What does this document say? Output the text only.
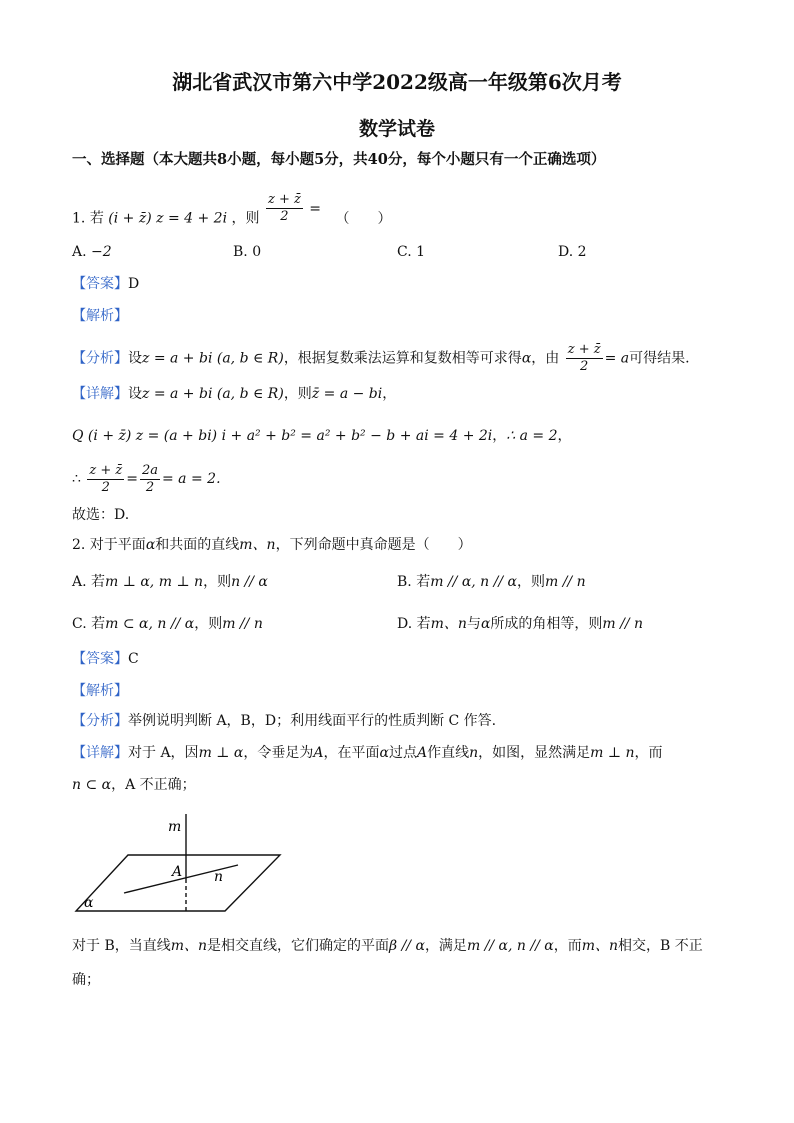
湖北省武汉市第六中学2022级高一年级第6次月考
数学试卷
一、选择题（本大题共8小题，每小题5分，共40分，每个小题只有一个正确选项）
1. 若 (i + z̄) z = 4 + 2i ，则 $\frac{z + z̄}{2}$ = （　　）
A. −2	B. 0	C. 1	D. 2
【答案】D
【解析】
【分析】设z = a + bi (a, b ∈ R)，根据复数乘法运算和复数相等可求得α，由 $\frac{z + z̄}{2} = a$可得结果.
【详解】设z = a + bi (a, b ∈ R)，则z̄ = a − bi，
Q (i + z̄) z = (a + bi) i + a² + b² = a² + b² − b + ai = 4 + 2i，∴ a = 2，
∴ $\frac{z + z̄}{2} = \frac{2a}{2} = a = 2$.
故选：D.
2. 对于平面α和共面的直线m、n，下列命题中真命题是（　　）
A. 若m ⊥ α, m ⊥ n，则n // α	B. 若m // α, n // α，则m // n
C. 若m ⊂ α, n // α，则m // n	D. 若m、n与α所成的角相等，则m // n
【答案】C
【解析】
【分析】举例说明判断 A，B，D；利用线面平行的性质判断 C 作答.
【详解】对于 A，因m ⊥ α，令垂足为A，在平面α过点A作直线n，如图，显然满足m ⊥ n，而
n ⊂ α，A 不正确；
m
A n
α
对于 B，当直线m、n是相交直线，它们确定的平面β // α，满足m // α, n // α，而m、n相交，B 不正
确；
